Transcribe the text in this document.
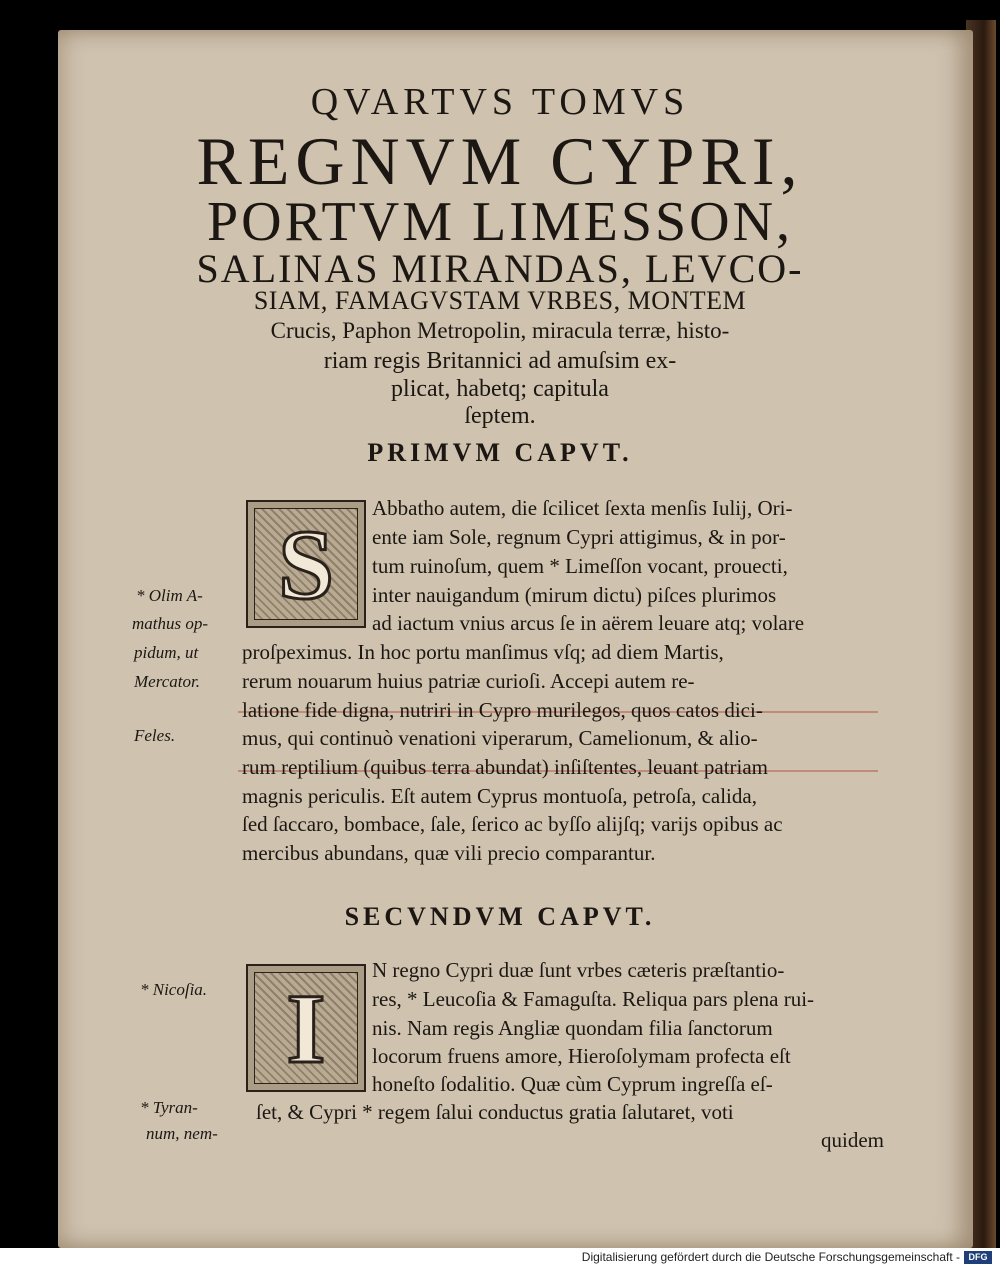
QVARTVS TOMVS
REGNVM CYPRI,
PORTVM LIMESSON,
SALINAS MIRANDAS, LEVCO-
SIAM, FAMAGVSTAM VRBES, MONTEM
Crucis, Paphon Metropolin, miracula terræ, histo-
riam regis Britannici ad amuſsim ex-
plicat, habetq; capitula
ſeptem.
PRIMVM CAPVT.
S
Abbatho autem, die ſcilicet ſexta menſis Iulij, Ori-
ente iam Sole, regnum Cypri attigimus, & in por-
tum ruinoſum, quem * Limeſſon vocant, prouecti,
inter nauigandum (mirum dictu) piſces plurimos
ad iactum vnius arcus ſe in aërem leuare atq; volare
proſpeximus. In hoc portu manſimus vſq; ad diem Martis,
rerum nouarum huius patriæ curioſi. Accepi autem re-
latione fide digna, nutriri in Cypro murilegos, quos catos dici-
mus, qui continuò venationi viperarum, Camelionum, & alio-
rum reptilium (quibus terra abundat) inſiſtentes, leuant patriam
magnis periculis. Eſt autem Cyprus montuoſa, petroſa, calida,
ſed ſaccaro, bombace, ſale, ſerico ac byſſo alijſq; varijs opibus ac
mercibus abundans, quæ vili precio comparantur.
* Olim A-
mathus op-
pidum, ut
Mercator.
Feles.
SECVNDVM CAPVT.
I
N regno Cypri duæ ſunt vrbes cæteris præſtantio-
res, * Leucoſia & Famaguſta. Reliqua pars plena rui-
nis. Nam regis Angliæ quondam filia ſanctorum
locorum fruens amore, Hieroſolymam profecta eſt
honeſto ſodalitio. Quæ cùm Cyprum ingreſſa eſ-
ſet, & Cypri * regem ſalui conductus gratia ſalutaret, voti
quidem
* Nicoſia.
* Tyran-
num, nem-
Digitalisierung gefördert durch die Deutsche Forschungsgemeinschaft - DFG
